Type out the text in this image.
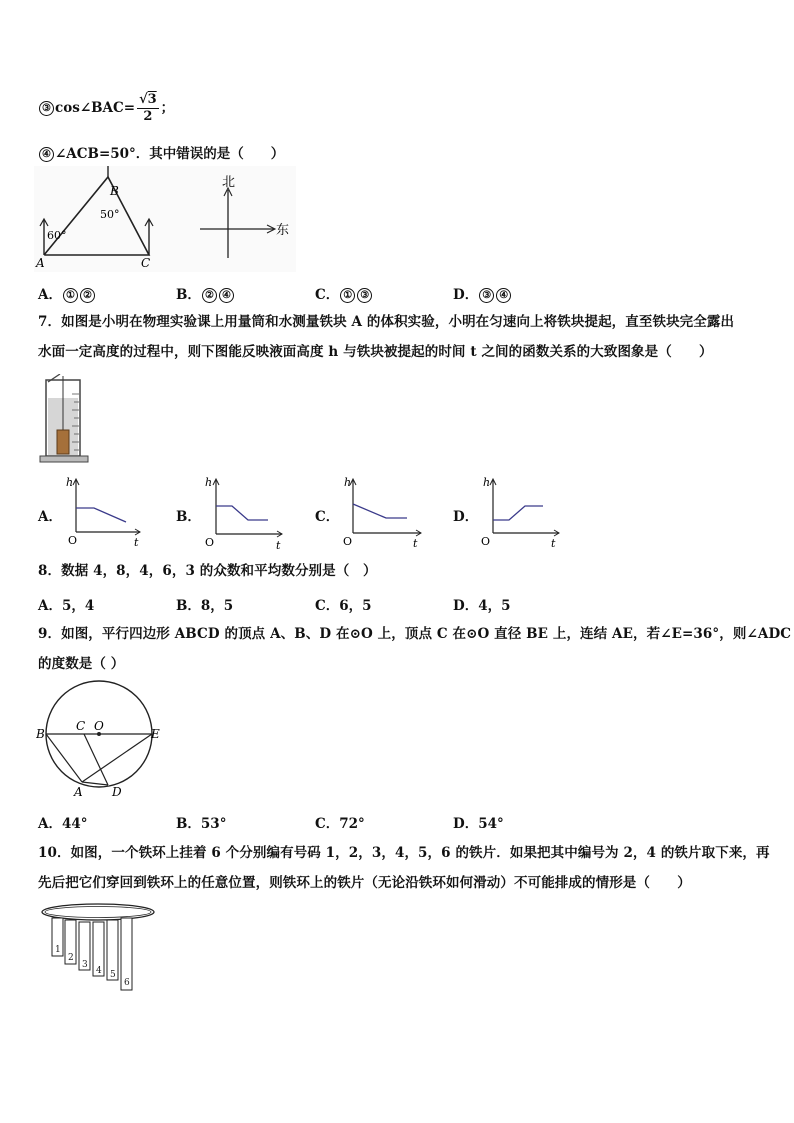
③ cos∠BAC= $\frac{√3}{2}$ ；
④ ∠ACB=50°．其中错误的是（　　）
A
B
C
60°
50°
北
东
A． ① ②	B． ② ④	C． ① ③	D． ③ ④
7．如图是小明在物理实验课上用量筒和水测量铁块 A 的体积实验，小明在匀速向上将铁块提起，直至铁块完全露出
水面一定高度的过程中，则下图能反映液面高度 h 与铁块被提起的时间 t 之间的函数关系的大致图象是（　　）
A．
h
O	t
B．
h
O	t
C．
h
O	t
D．
h
O	t
8．数据 4，8，4，6，3 的众数和平均数分别是（　）
A．5，4	B．8，5	C．6，5	D．4，5
9．如图，平行四边形 ABCD 的顶点 A、B、D 在⊙O 上，顶点 C 在⊙O 直径 BE 上，连结 AE，若∠E=36°，则∠ADC
的度数是（ ）
B
C O
E
A D
A．44°	B．53°	C．72°	D．54°
10．如图，一个铁环上挂着 6 个分别编有号码 1，2，3，4，5，6 的铁片．如果把其中编号为 2，4 的铁片取下来，再
先后把它们穿回到铁环上的任意位置，则铁环上的铁片（无论沿铁环如何滑动）不可能排成的情形是（　　）
1
2
3
4 5
6
